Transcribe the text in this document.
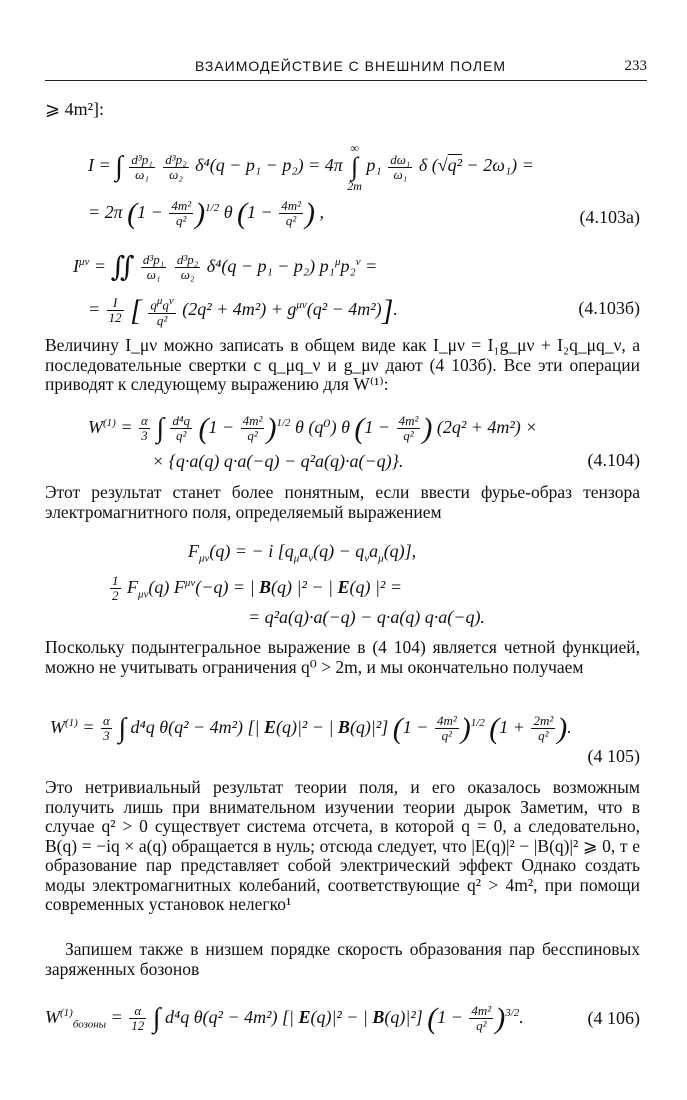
ВЗАИМОДЕЙСТВИЕ С ВНЕШНИМ ПОЛЕМ	233
⩾ 4m²]:
I = ∫ $\frac{\text{d³p₁}}{\text{ω₁}}$
$\frac{\text{d³p₂}}{\text{ω₂}} \delta^4(q - p_1 - p_2) = 4\pi$ ∞
∫
2m $p_1 \frac{\text{dω₁}}{\text{ω₁}}$ δ (√q² − 2ω₁) =
= 2π $(1 - \frac{\text{4m²}}{\text{q²}} )^{1/2}$ θ ($1 - \frac{\text{4m²}}{\text{q²}}$ ) ,	(4.103а)
$I^{\mu\nu}$ = ∬ $\frac{\text{d³p₁}}{\text{ω₁}}$
$\frac{\text{d³p₂}}{\text{ω₂}} \delta^4(q - p_1 - p_2) p_1^\mu p_2^\nu$ =
= $\frac{I}{12}$ [ $\frac{q^\mu q^\nu}{\text{q²}} (2q^2 + 4m^2) + g^{\mu\nu}(q^2 - 4m^2)$].	(4.103б)
Величину I_μν можно записать в общем виде как I_μν = I₁g_μν + I₂q_μq_ν, а последовательные свертки с q_μq_ν и g_μν дают (4 103б). Все эти операции приводят к следующему выражению для W⁽¹⁾:
$W^{(1)} = \frac{\alpha}{3}$ ∫ $\frac{\text{d⁴q}}{\text{q²}} (1 - \frac{\text{4m²}}{\text{q²}} )^{1/2}$ θ (q⁰) θ ($1 - \frac{\text{4m²}}{\text{q²}}$ ) (2q² + 4m²) ×
× {q·a(q) q·a(−q) − q²a(q)·a(−q)}.	(4.104)
Этот результат станет более понятным, если ввести фурье-образ тензора электромагнитного поля, определяемый выражением
$F_{\mu\nu}(q)$ = − i $[q_\mu a_\nu(q) - q_\nu a_\mu(q)]$,
$\frac{1}{2} F_{\mu\nu}(q) F^{\mu\nu}(-q)$ = | B(q) |² − | E(q) |² =
= q²a(q)·a(−q) − q·a(q) q·a(−q).
Поскольку подынтегральное выражение в (4 104) является четной функцией, можно не учитывать ограничения q⁰ > 2m, и мы окончательно получаем
$W^{(1)} = \frac{\alpha}{3}$ ∫ d⁴q θ(q² − 4m²) [| E(q)|² − | B(q)|²] $(1 - \frac{\text{4m²}}{\text{q²}} )^{1/2}$ ($1 + \frac{\text{2m²}}{\text{q²}}$ ).
(4 105)
Это нетривиальный результат теории поля, и его оказалось возможным получить лишь при внимательном изучении теории дырок Заметим, что в случае q² > 0 существует система отсчета, в которой q = 0, а следовательно, B(q) = −iq × a(q) обращается в нуль; отсюда следует, что |E(q)|² − |B(q)|² ⩾ 0, т е образование пар представляет собой электрический эффект Однако создать моды электромагнитных колебаний, соответствующие q² > 4m², при помощи современных установок нелегко¹
Запишем также в низшем порядке скорость образования пар бесспиновых заряженных бозонов
$W^{(1)}_{бозоны} = \frac{\alpha}{12}$ ∫ d⁴q θ(q² − 4m²) [| E(q)|² − | B(q)|²] $(1 - \frac{\text{4m²}}{\text{q²}} )^{3/2}$.	(4 106)
